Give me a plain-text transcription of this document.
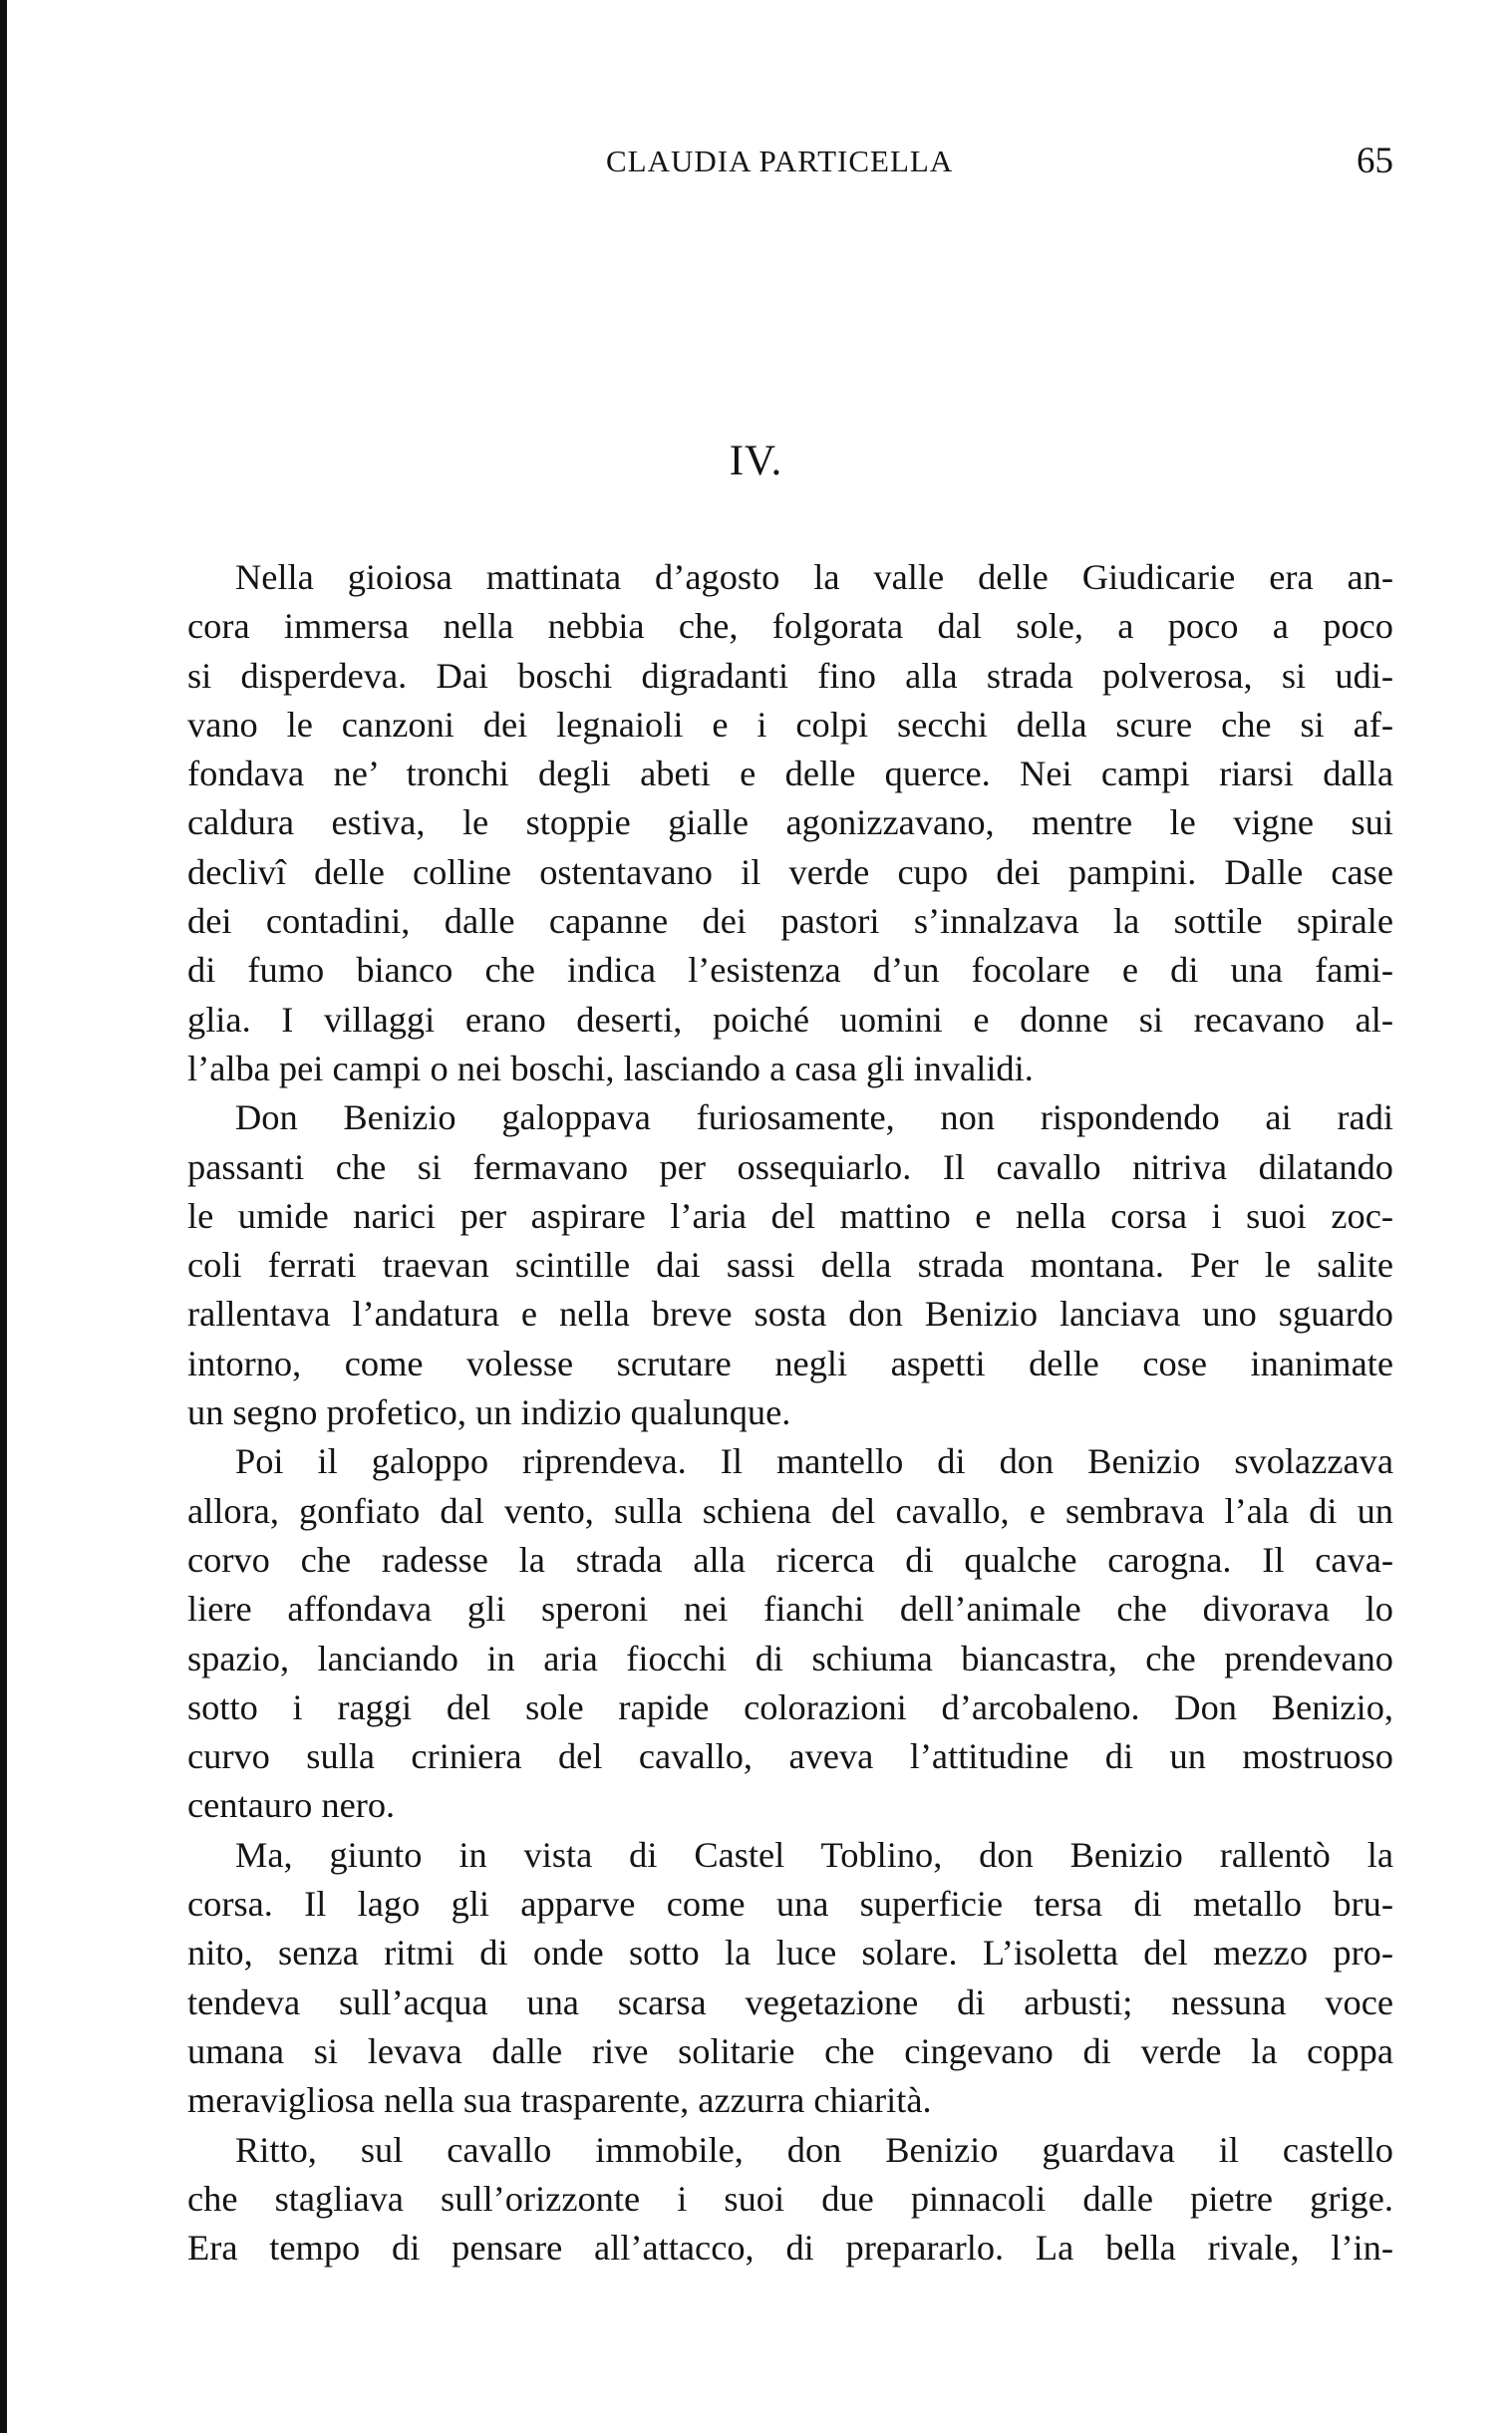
CLAUDIA PARTICELLA	65
IV.
Nella gioiosa mattinata d’agosto la valle delle Giudicarie era an-
cora immersa nella nebbia che, folgorata dal sole, a poco a poco
si disperdeva. Dai boschi digradanti fino alla strada polverosa, si udi-
vano le canzoni dei legnaioli e i colpi secchi della scure che si af-
fondava ne’ tronchi degli abeti e delle querce. Nei campi riarsi dalla
caldura estiva, le stoppie gialle agonizzavano, mentre le vigne sui
declivî delle colline ostentavano il verde cupo dei pampini. Dalle case
dei contadini, dalle capanne dei pastori s’innalzava la sottile spirale
di fumo bianco che indica l’esistenza d’un focolare e di una fami-
glia. I villaggi erano deserti, poiché uomini e donne si recavano al-
l’alba pei campi o nei boschi, lasciando a casa gli invalidi.
Don Benizio galoppava furiosamente, non rispondendo ai radi
passanti che si fermavano per ossequiarlo. Il cavallo nitriva dilatando
le umide narici per aspirare l’aria del mattino e nella corsa i suoi zoc-
coli ferrati traevan scintille dai sassi della strada montana. Per le salite
rallentava l’andatura e nella breve sosta don Benizio lanciava uno sguardo
intorno, come volesse scrutare negli aspetti delle cose inanimate
un segno profetico, un indizio qualunque.
Poi il galoppo riprendeva. Il mantello di don Benizio svolazzava
allora, gonfiato dal vento, sulla schiena del cavallo, e sembrava l’ala di un
corvo che radesse la strada alla ricerca di qualche carogna. Il cava-
liere affondava gli speroni nei fianchi dell’animale che divorava lo
spazio, lanciando in aria fiocchi di schiuma biancastra, che prendevano
sotto i raggi del sole rapide colorazioni d’arcobaleno. Don Benizio,
curvo sulla criniera del cavallo, aveva l’attitudine di un mostruoso
centauro nero.
Ma, giunto in vista di Castel Toblino, don Benizio rallentò la
corsa. Il lago gli apparve come una superficie tersa di metallo bru-
nito, senza ritmi di onde sotto la luce solare. L’isoletta del mezzo pro-
tendeva sull’acqua una scarsa vegetazione di arbusti; nessuna voce
umana si levava dalle rive solitarie che cingevano di verde la coppa
meravigliosa nella sua trasparente, azzurra chiarità.
Ritto, sul cavallo immobile, don Benizio guardava il castello
che stagliava sull’orizzonte i suoi due pinnacoli dalle pietre grige.
Era tempo di pensare all’attacco, di prepararlo. La bella rivale, l’in-
